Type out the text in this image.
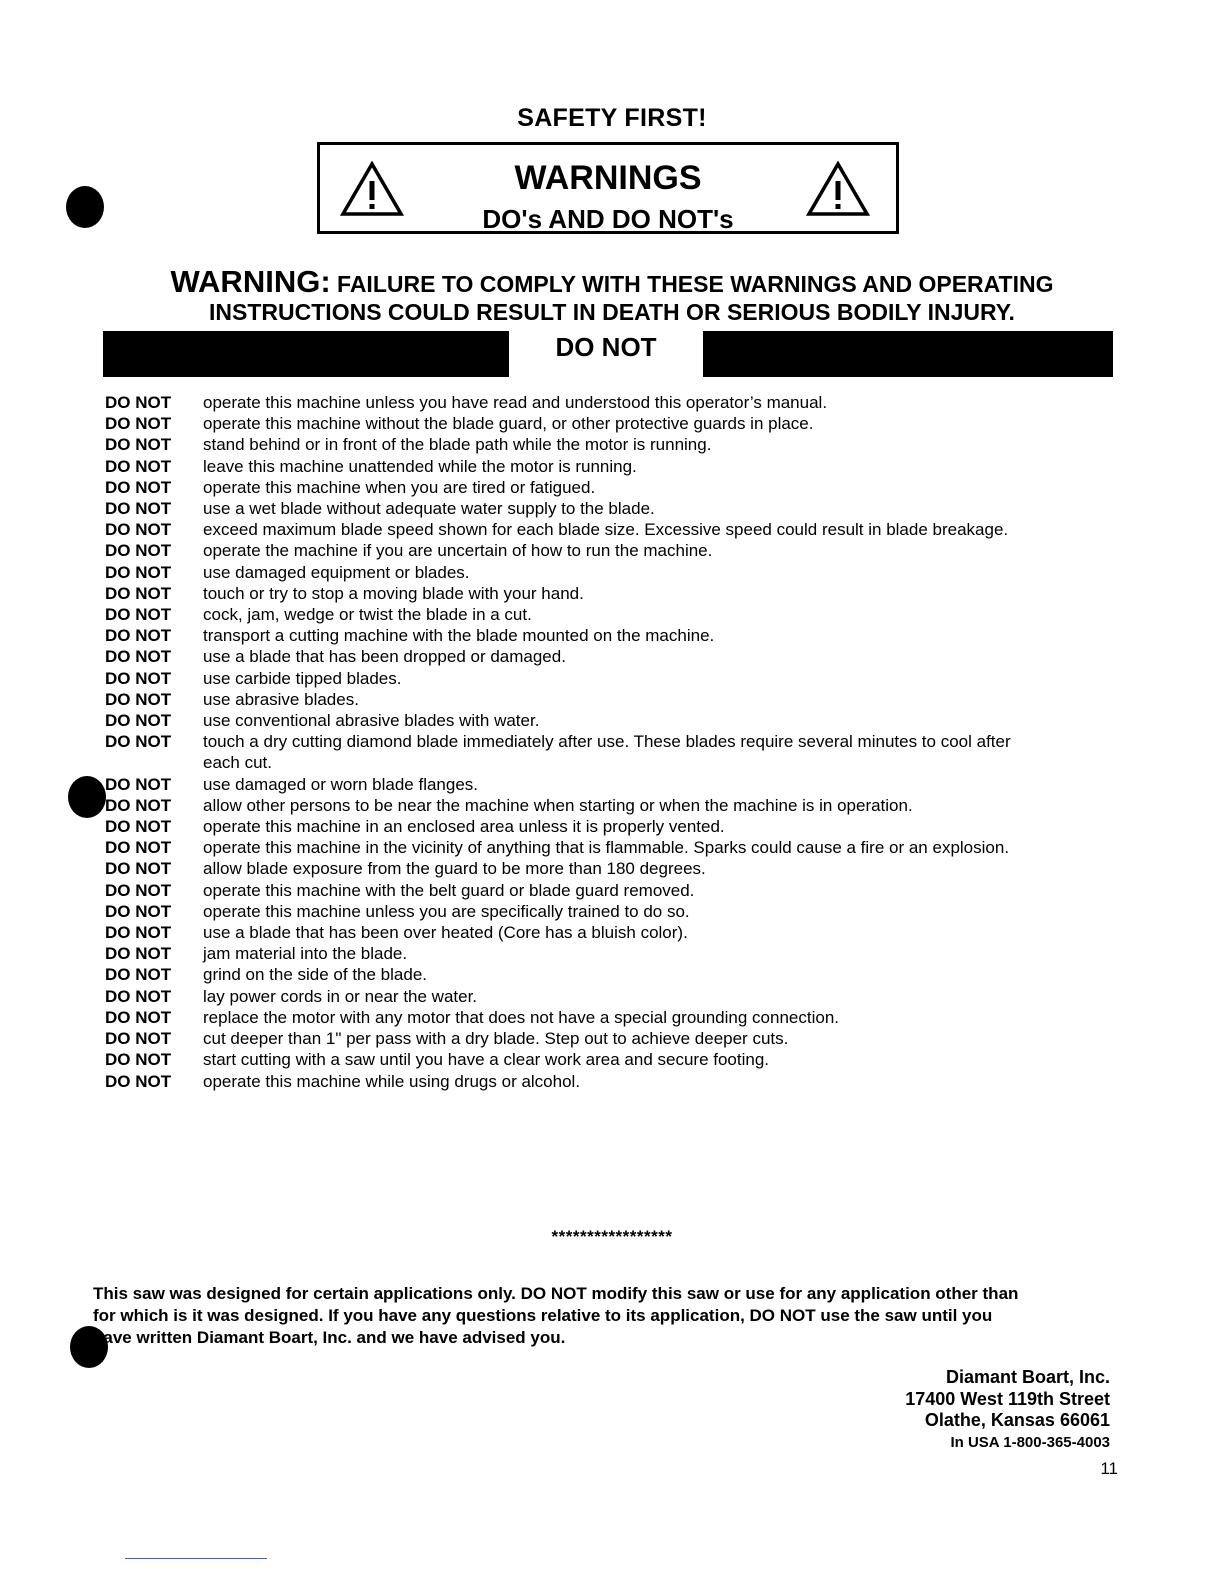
SAFETY FIRST!
WARNINGS
DO's AND DO NOT's
WARNING: FAILURE TO COMPLY WITH THESE WARNINGS AND OPERATING
INSTRUCTIONS COULD RESULT IN DEATH OR SERIOUS BODILY INJURY.
DO NOT
DO NOT	operate this machine unless you have read and understood this operator’s manual.
DO NOT	operate this machine without the blade guard, or other protective guards in place.
DO NOT	stand behind or in front of the blade path while the motor is running.
DO NOT	leave this machine unattended while the motor is running.
DO NOT	operate this machine when you are tired or fatigued.
DO NOT	use a wet blade without adequate water supply to the blade.
DO NOT	exceed maximum blade speed shown for each blade size. Excessive speed could result in blade breakage.
DO NOT	operate the machine if you are uncertain of how to run the machine.
DO NOT	use damaged equipment or blades.
DO NOT	touch or try to stop a moving blade with your hand.
DO NOT	cock, jam, wedge or twist the blade in a cut.
DO NOT	transport a cutting machine with the blade mounted on the machine.
DO NOT	use a blade that has been dropped or damaged.
DO NOT	use carbide tipped blades.
DO NOT	use abrasive blades.
DO NOT	use conventional abrasive blades with water.
DO NOT	touch a dry cutting diamond blade immediately after use. These blades require several minutes to cool after
each cut.
DO NOT	use damaged or worn blade flanges.
DO NOT	allow other persons to be near the machine when starting or when the machine is in operation.
DO NOT	operate this machine in an enclosed area unless it is properly vented.
DO NOT	operate this machine in the vicinity of anything that is flammable. Sparks could cause a fire or an explosion.
DO NOT	allow blade exposure from the guard to be more than 180 degrees.
DO NOT	operate this machine with the belt guard or blade guard removed.
DO NOT	operate this machine unless you are specifically trained to do so.
DO NOT	use a blade that has been over heated (Core has a bluish color).
DO NOT	jam material into the blade.
DO NOT	grind on the side of the blade.
DO NOT	lay power cords in or near the water.
DO NOT	replace the motor with any motor that does not have a special grounding connection.
DO NOT	cut deeper than 1" per pass with a dry blade. Step out to achieve deeper cuts.
DO NOT	start cutting with a saw until you have a clear work area and secure footing.
DO NOT	operate this machine while using drugs or alcohol.
*****************
This saw was designed for certain applications only. DO NOT modify this saw or use for any application other than
for which is it was designed. If you have any questions relative to its application, DO NOT use the saw until you
have written Diamant Boart, Inc. and we have advised you.
Diamant Boart, Inc.
17400 West 119th Street
Olathe, Kansas 66061
In USA 1-800-365-4003
11
